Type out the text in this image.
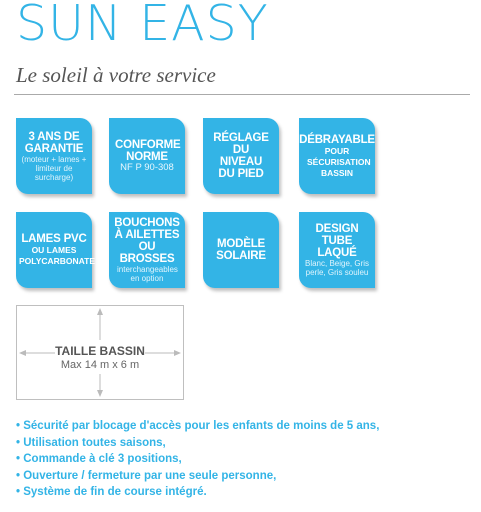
SUN EASY
Le soleil à votre service
3 ANS DE GARANTIE
(moteur + lames + limiteur de surcharge)
CONFORME NORME
NF P 90-308
RÉGLAGE DU NIVEAU DU PIED
DÉBRAYABLE
POUR SÉCURISATION BASSIN
LAMES PVC
OU LAMES POLYCARBONATE
BOUCHONS À AILETTES OU BROSSES
interchangeables en option
MODÈLE SOLAIRE
DESIGN TUBE LAQUÉ
Blanc, Beige, Gris perle, Gris souleu
TAILLE BASSIN
Max 14 m x 6 m
• Sécurité par blocage d'accès pour les enfants de moins de 5 ans,
• Utilisation toutes saisons,
• Commande à clé 3 positions,
• Ouverture / fermeture par une seule personne,
• Système de fin de course intégré.
